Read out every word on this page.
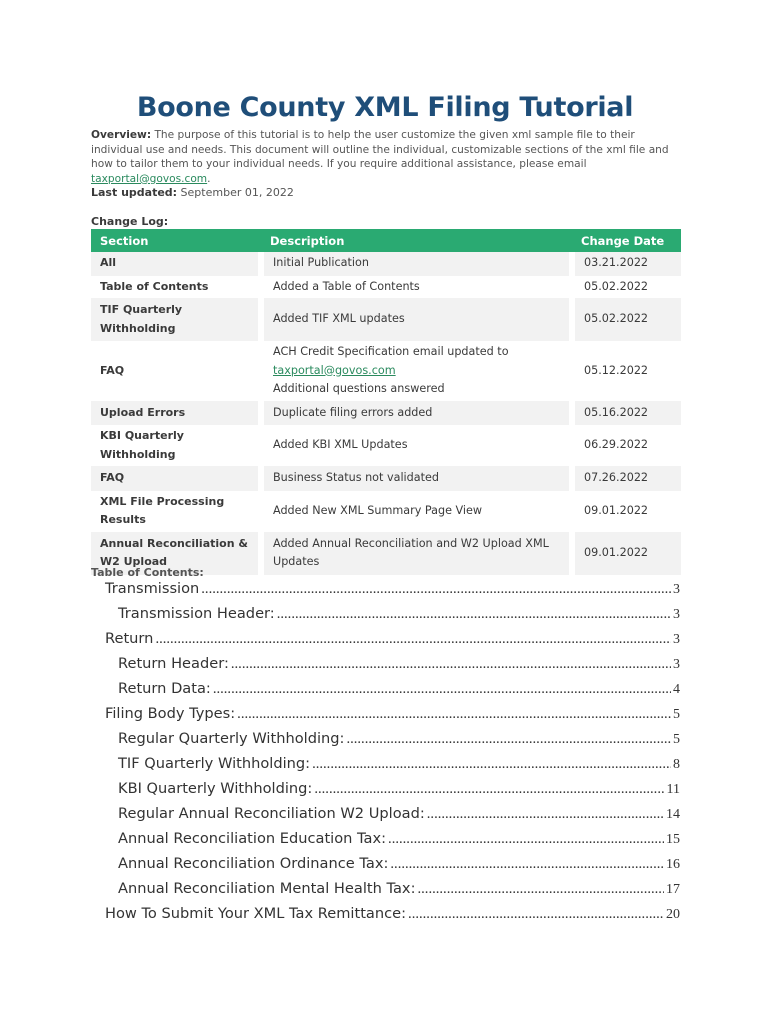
Boone County XML Filing Tutorial
Overview: The purpose of this tutorial is to help the user customize the given xml sample file to their individual use and needs. This document will outline the individual, customizable sections of the xml file and how to tailor them to your individual needs. If you require additional assistance, please email taxportal@govos.com.
Last updated: September 01, 2022
Change Log:
Section	Description	Change Date
All	Initial Publication	03.21.2022
Table of Contents	Added a Table of Contents	05.02.2022
TIF Quarterly Withholding	Added TIF XML updates	05.02.2022
FAQ	ACH Credit Specification email updated to
taxportal@govos.com
Additional questions answered	05.12.2022
Upload Errors	Duplicate filing errors added	05.16.2022
KBI Quarterly Withholding	Added KBI XML Updates	06.29.2022
FAQ	Business Status not validated	07.26.2022
XML File Processing Results	Added New XML Summary Page View	09.01.2022
Annual Reconciliation & W2 Upload	Added Annual Reconciliation and W2 Upload XML Updates	09.01.2022
Table of Contents:
Transmission .....	3
Transmission Header: .....	3
Return .....	3
Return Header: .....	3
Return Data: .....	4
Filing Body Types: .....	5
Regular Quarterly Withholding: .....	5
TIF Quarterly Withholding: .....	8
KBI Quarterly Withholding: .....	11
Regular Annual Reconciliation W2 Upload: .....	14
Annual Reconciliation Education Tax: .....	15
Annual Reconciliation Ordinance Tax: .....	16
Annual Reconciliation Mental Health Tax: .....	17
How To Submit Your XML Tax Remittance: .....	20
